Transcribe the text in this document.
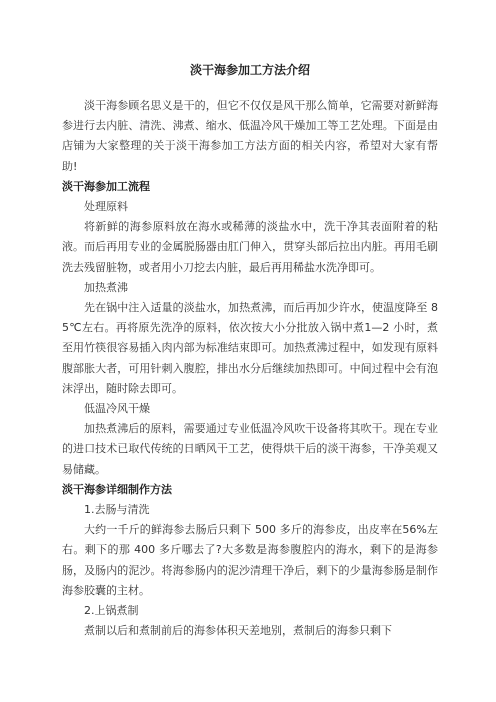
淡干海参加工方法介绍

淡干海参顾名思义是干的，但它不仅仅是风干那么简单，它需要对新鲜海参进行去内脏、清洗、沸煮、缩水、低温冷风干燥加工等工艺处理。下面是由店铺为大家整理的关于淡干海参加工方法方面的相关内容，希望对大家有帮助!

淡干海参加工流程
处理原料

将新鲜的海参原料放在海水或稀薄的淡盐水中，洗干净其表面附着的粘液。而后再用专业的金属脱肠器由肛门伸入，贯穿头部后拉出内脏。再用毛刷洗去残留脏物，或者用小刀挖去内脏，最后再用稀盐水洗净即可。

加热煮沸

先在锅中注入适量的淡盐水，加热煮沸，而后再加少许水，使温度降至 85℃左右。再将原先洗净的原料，依次按大小分批放入锅中煮1—2 小时，煮至用竹筷很容易插入肉内部为标准结束即可。加热煮沸过程中，如发现有原料腹部胀大者，可用针刺入腹腔，排出水分后继续加热即可。中间过程中会有泡沫浮出，随时除去即可。

低温冷风干燥

加热煮沸后的原料，需要通过专业低温冷风吹干设备将其吹干。现在专业的进口技术已取代传统的日晒风干工艺，使得烘干后的淡干海参，干净美观又易储藏。

淡干海参详细制作方法
1.去肠与清洗

大约一千斤的鲜海参去肠后只剩下 500 多斤的海参皮，出皮率在56%左右。剩下的那 400 多斤哪去了?大多数是海参腹腔内的海水，剩下的是海参肠，及肠内的泥沙。将海参肠内的泥沙清理干净后，剩下的少量海参肠是制作海参胶囊的主材。

2.上锅煮制

煮制以后和煮制前后的海参体积天差地别，煮制后的海参只剩下
